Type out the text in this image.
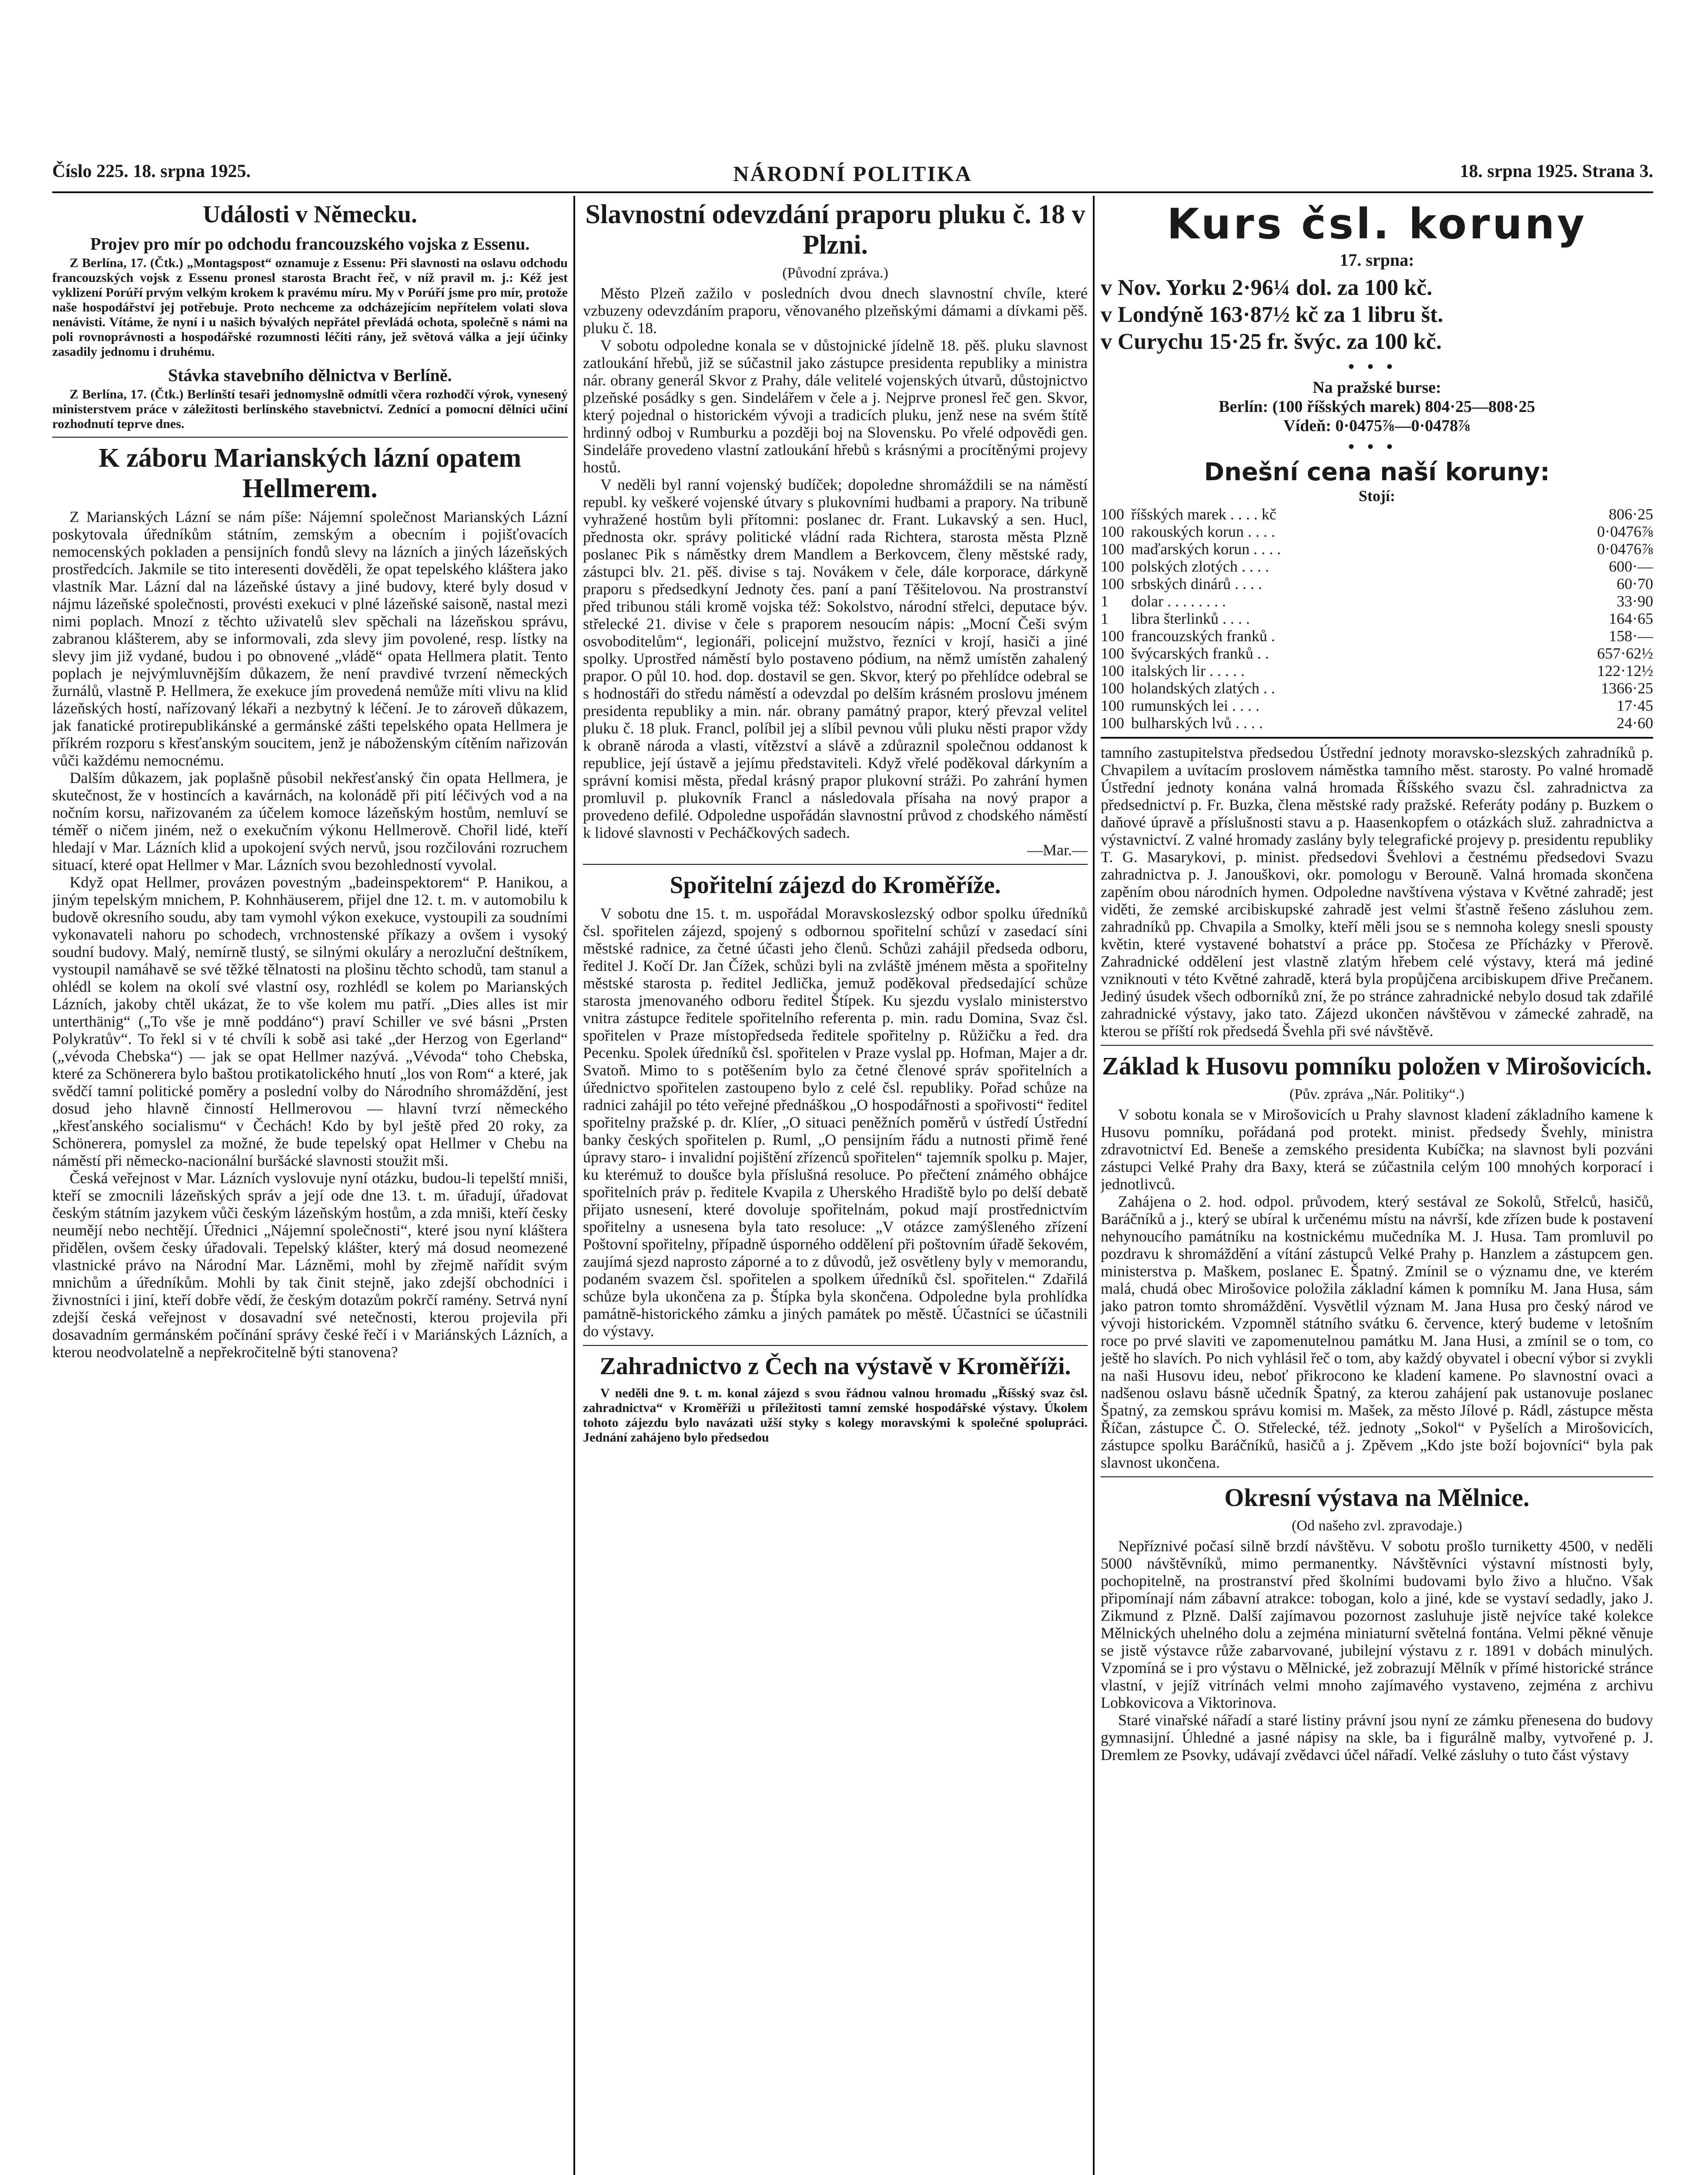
Číslo 225. 18. srpna 1925.	NÁRODNÍ POLITIKA	18. srpna 1925. Strana 3.
Události v Německu.
Projev pro mír po odchodu francouzského vojska z Essenu.

Z Berlína, 17. (Čtk.) „Montagspost“ oznamuje z Essenu: Při slavnosti na oslavu odchodu francouzských vojsk z Essenu pronesl starosta Bracht řeč, v níž pravil m. j.: Kéž jest vyklizení Porúří prvým velkým krokem k pravému míru. My v Porúří jsme pro mír, protože naše hospodářství jej potřebuje. Proto nechceme za odcházejícím nepřítelem volati slova nenávisti. Vítáme, že nyní i u našich bývalých nepřátel převládá ochota, společně s námi na poli rovnoprávnosti a hospodářské rozumnosti léčiti rány, jež světová válka a její účinky zasadily jednomu i druhému.

Stávka stavebního dělnictva v Berlíně.

Z Berlína, 17. (Čtk.) Berlínští tesaři jednomyslně odmítli včera rozhodčí výrok, vynesený ministerstvem práce v záležitosti berlínského stavebnictví. Zednící a pomocní dělníci učiní rozhodnutí teprve dnes.

K záboru Marianských lázní opatem Hellmerem.

Z Marianských Lázní se nám píše: Nájemní společnost Marianských Lázní poskytovala úředníkům státním, zemským a obecním i pojišťovacích nemocenských pokladen a pensijních fondů slevy na lázních a jiných lázeňských prostředcích. Jakmile se tito interesenti dověděli, že opat tepelského kláštera jako vlastník Mar. Lázní dal na lázeňské ústavy a jiné budovy, které byly dosud v nájmu lázeňské společnosti, provésti exekuci v plné lázeňské saisoně, nastal mezi nimi poplach. Mnozí z těchto uživatelů slev spěchali na lázeňskou správu, zabranou klášterem, aby se informovali, zda slevy jim povolené, resp. lístky na slevy jim již vydané, budou i po obnovené „vládě“ opata Hellmera platit. Tento poplach je nejvýmluvnějším důkazem, že není pravdivé tvrzení německých žurnálů, vlastně P. Hellmera, že exekuce jím provedená nemůže míti vlivu na klid lázeňských hostí, nařízovaný lékaři a nezbytný k léčení. Je to zároveň důkazem, jak fanatické protirepublikánské a germánské zášti tepelského opata Hellmera je příkrém rozporu s křesťanským soucitem, jenž je náboženským cítěním nařizován vůči každému nemocnému.

Dalším důkazem, jak poplašně působil nekřesťanský čin opata Hellmera, je skutečnost, že v hostincích a kavárnách, na kolonádě při pití léčivých vod a na nočním korsu, nařizovaném za účelem komoce lázeňským hostům, nemluví se téměř o ničem jiném, než o exekučním výkonu Hellmerově. Chořil lidé, kteří hledají v Mar. Lázních klid a upokojení svých nervů, jsou rozčilováni rozruchem situací, které opat Hellmer v Mar. Lázních svou bezohledností vyvolal.

Když opat Hellmer, provázen povestným „badeinspektorem“ P. Hanikou, a jiným tepelským mnichem, P. Kohnhäuserem, přijel dne 12. t. m. v automobilu k budově okresního soudu, aby tam vymohl výkon exekuce, vystoupili za soudními vykonavateli nahoru po schodech, vrchnostenské příkazy a ovšem i vysoký soudní budovy. Malý, nemírně tlustý, se silnými okuláry a nerozluční deštníkem, vystoupil namáhavě se své těžké tělnatosti na plošinu těchto schodů, tam stanul a ohlédl se kolem na okolí své vlastní osy, rozhlédl se kolem po Marianských Lázních, jakoby chtěl ukázat, že to vše kolem mu patří. „Dies alles ist mir unterthänig“ („To vše je mně poddáno“) praví Schiller ve své básni „Prsten Polykratův“. To řekl si v té chvíli k sobě asi také „der Herzog von Egerland“ („vévoda Chebska“) — jak se opat Hellmer nazývá. „Vévoda“ toho Chebska, které za Schönerera bylo baštou protikatolického hnutí „los von Rom“ a které, jak svědčí tamní politické poměry a poslední volby do Národního shromáždění, jest dosud jeho hlavně činností Hellmerovou — hlavní tvrzí německého „křesťanského socialismu“ v Čechách! Kdo by byl ještě před 20 roky, za Schönerera, pomyslel za možné, že bude tepelský opat Hellmer v Chebu na náměstí při německo-nacionální buršácké slavnosti stoužit mši.

Česká veřejnost v Mar. Lázních vyslovuje nyní otázku, budou-li tepelští mniši, kteří se zmocnili lázeňských správ a její ode dne 13. t. m. úřadují, úřadovat českým státním jazykem vůči českým lázeňským hostům, a zda mniši, kteří česky neumějí nebo nechtějí. Úřednici „Nájemní společnosti“, které jsou nyní kláštera přidělen, ovšem česky úřadovali. Tepelský klášter, který má dosud neomezené vlastnické právo na Národní Mar. Lázněmi, mohl by zřejmě nařídit svým mnichům a úředníkům. Mohli by tak činit stejně, jako zdejší obchodníci i živnostníci i jiní, kteří dobře vědí, že českým dotazům pokrčí ramény. Setrvá nyní zdejší česká veřejnost v dosavadní své netečnosti, kterou projevila při dosavadním germánském počínání správy české řečí i v Mariánských Lázních, a kterou neodvolatelně a nepřekročitelně býti stanovena?

Slavnostní odevzdání praporu pluku č. 18 v Plzni.
(Původní zpráva.)

Město Plzeň zažilo v posledních dvou dnech slavnostní chvíle, které vzbuzeny odevzdáním praporu, věnovaného plzeňskými dámami a dívkami pěš. pluku č. 18.

V sobotu odpoledne konala se v důstojnické jídelně 18. pěš. pluku slavnost zatloukání hřebů, již se súčastnil jako zástupce presidenta republiky a ministra nár. obrany generál Skvor z Prahy, dále velitelé vojenských útvarů, důstojnictvo plzeňské posádky s gen. Sindelářem v čele a j. Nejprve pronesl řeč gen. Skvor, který pojednal o historickém vývoji a tradicích pluku, jenž nese na svém štítě hrdinný odboj v Rumburku a později boj na Slovensku. Po vřelé odpovědi gen. Sindeláře provedeno vlastní zatloukání hřebů s krásnými a procítěnými projevy hostů.

V neděli byl ranní vojenský budíček; dopoledne shromáždili se na náměstí republ. ky veškeré vojenské útvary s plukovními hudbami a prapory. Na tribuně vyhražené hostům byli přítomni: poslanec dr. Frant. Lukavský a sen. Hucl, přednosta okr. správy politické vládní rada Richtera, starosta města Plzně poslanec Pik s náměstky drem Mandlem a Berkovcem, členy městské rady, zástupci blv. 21. pěš. divise s taj. Novákem v čele, dále korporace, dárkyně praporu s předsedkyní Jednoty čes. paní a paní Těšitelovou. Na prostranství před tribunou stáli kromě vojska též: Sokolstvo, národní střelci, deputace býv. střelecké 21. divise v čele s praporem nesoucím nápis: „Mocní Češi svým osvoboditelům“, legionáři, policejní mužstvo, řezníci v krojí, hasiči a jiné spolky. Uprostřed náměstí bylo postaveno pódium, na němž umístěn zahalený prapor. O půl 10. hod. dop. dostavil se gen. Skvor, který po přehlídce odebral se s hodnostáři do středu náměstí a odevzdal po delším krásném proslovu jménem presidenta republiky a min. nár. obrany památný prapor, který převzal velitel pluku č. 18 pluk. Francl, políbil jej a slíbil pevnou vůli pluku něsti prapor vždy k obraně národa a vlasti, vítězství a slávě a zdůraznil společnou oddanost k republice, její ústavě a jejímu představiteli. Když vřelé poděkoval dárkyním a správní komisi města, předal krásný prapor plukovní stráži. Po zahrání hymen promluvil p. plukovník Francl a následovala přísaha na nový prapor a provedeno defilé. Odpoledne uspořádán slavnostní průvod z chodského náměstí k lidové slavnosti v Pecháčkových sadech.

—Mar.—
Spořitelní zájezd do Kroměříže.

V sobotu dne 15. t. m. uspořádal Moravskoslezský odbor spolku úředníků čsl. spořitelen zájezd, spojený s odbornou spořitelní schůzí v zasedací síni městské radnice, za četné účasti jeho členů. Schůzi zahájil předseda odboru, ředitel J. Kočí Dr. Jan Čížek, schůzi byli na zvláště jménem města a spořitelny městské starosta p. ředitel Jedlička, jemuž poděkoval předsedající schůze starosta jmenovaného odboru ředitel Štípek. Ku sjezdu vyslalo ministerstvo vnitra zástupce ředitele spořitelního referenta p. min. radu Domina, Svaz čsl. spořitelen v Praze místopředseda ředitele spořitelny p. Růžičku a řed. dra Pecenku. Spolek úředníků čsl. spořitelen v Praze vyslal pp. Hofman, Majer a dr. Svatoň. Mimo to s potěšením bylo za četné členové správ spořitelních a úřednictvo spořitelen zastoupeno bylo z celé čsl. republiky. Pořad schůze na radnici zahájil po této veřejné přednáškou „O hospodářnosti a spořivosti“ ředitel spořitelny pražské p. dr. Klíer, „O situaci peněžních poměrů v ústředí Ústřední banky českých spořitelen p. Ruml, „O pensijním řádu a nutnosti přimě řené úpravy staro- i invalidní pojištění zřízenců spořitelen“ tajemník spolku p. Majer, ku kterémuž to doušce byla příslušná resoluce. Po přečtení známého obhájce spořitelních práv p. ředitele Kvapila z Uherského Hradiště bylo po delší debatě přijato usnesení, které dovoluje spořitelnám, pokud mají prostřednictvím spořitelny a usnesena byla tato resoluce: „V otázce zamýšleného zřízení Poštovní spořitelny, případně úsporného oddělení při poštovním úřadě šekovém, zaujímá sjezd naprosto záporné a to z důvodů, jež osvětleny byly v memorandu, podaném svazem čsl. spořitelen a spolkem úředníků čsl. spořitelen.“ Zdařilá schůze byla ukončena za p. Štípka byla skončena. Odpoledne byla prohlídka památně-historického zámku a jiných památek po městě. Účastníci se účastnili do výstavy.

Zahradnictvo z Čech na výstavě v Kroměříži.

V neděli dne 9. t. m. konal zájezd s svou řádnou valnou hromadu „Říšský svaz čsl. zahradnictva“ v Kroměříži u příležitosti tamní zemské hospodářské výstavy. Úkolem tohoto zájezdu bylo navázati užší styky s kolegy moravskými k společné spolupráci. Jednání zahájeno bylo předsedou

Kurs čsl. koruny
17. srpna:
v Nov. Yorku 2·96¼ dol. za 100 kč.
v Londýně 163·87½ kč za 1 libru št.
v Curychu 15·25 fr. švýc. za 100 kč.
•••
Na pražské burse:
Berlín: (100 říšských marek) 804·25—808·25
Vídeň: 0·0475⅞—0·0478⅞
•••
Dnešní cena naší koruny:
Stojí:
100	říšských marek . . . . kč	806·25
100	rakouských korun . . . .	0·0476⅞
100	maďarských korun . . . .	0·0476⅞
100	polských zlotých . . . .	600·—
100	srbských dinárů . . . .	60·70
1	dolar . . . . . . . .	33·90
1	libra šterlinků . . . .	164·65
100	francouzských franků .	158·—
100	švýcarských franků . .	657·62½
100	italských lir . . . . .	122·12½
100	holandských zlatých . .	1366·25
100	rumunských lei . . . .	17·45
100	bulharských lvů . . . .	24·60

tamního zastupitelstva předsedou Ústřední jednoty moravsko-slezských zahradníků p. Chvapilem a uvítacím proslovem náměstka tamního měst. starosty. Po valné hromadě Ústřední jednoty konána valná hromada Říšského svazu čsl. zahradnictva za předsednictví p. Fr. Buzka, člena městské rady pražské. Referáty podány p. Buzkem o daňové úpravě a příslušnosti stavu a p. Haasenkopfem o otázkách služ. zahradnictva a výstavnictví. Z valné hromady zaslány byly telegrafické projevy p. presidentu republiky T. G. Masarykovi, p. minist. předsedovi Švehlovi a čestnému předsedovi Svazu zahradnictva p. J. Janouškovi, okr. pomologu v Berouně. Valná hromada skončena zapěním obou národních hymen. Odpoledne navštívena výstava v Květné zahradě; jest viděti, že zemské arcibiskupské zahradě jest velmi šťastně řešeno zásluhou zem. zahradníků pp. Chvapila a Smolky, kteří měli jsou se s nemnoha kolegy snesli spousty květin, které vystavené bohatství a práce pp. Stočesa ze Přícházky v Přerově. Zahradnické oddělení jest vlastně zlatým hřebem celé výstavy, která má jediné vzniknouti v této Květné zahradě, která byla propůjčena arcibiskupem dřive Prečanem. Jediný úsudek všech odborníků zní, že po stránce zahradnické nebylo dosud tak zdařilé zahradnické výstavy, jako tato. Zájezd ukončen návštěvou v zámecké zahradě, na kterou se příští rok předsedá Švehla při své návštěvě.

Základ k Husovu pomníku položen v Mirošovicích.
(Pův. zpráva „Nár. Politiky“.)

V sobotu konala se v Mirošovicích u Prahy slavnost kladení základního kamene k Husovu pomníku, pořádaná pod protekt. minist. předsedy Švehly, ministra zdravotnictví Ed. Beneše a zemského presidenta Kubíčka; na slavnost byli pozváni zástupci Velké Prahy dra Baxy, která se zúčastnila celým 100 mnohých korporací i jednotlivců.

Zahájena o 2. hod. odpol. průvodem, který sestával ze Sokolů, Střelců, hasičů, Baráčníků a j., který se ubíral k určenému místu na návrší, kde zřízen bude k postavení nehynoucího památníku na kostnickému mučedníka M. J. Husa. Tam promluvil po pozdravu k shromáždění a vítání zástupců Velké Prahy p. Hanzlem a zástupcem gen. ministerstva p. Maškem, poslanec E. Špatný. Zmínil se o významu dne, ve kterém malá, chudá obec Mirošovice položila základní kámen k pomníku M. Jana Husa, sám jako patron tomto shromáždění. Vysvětlil význam M. Jana Husa pro český národ ve vývoji historickém. Vzpomněl státního svátku 6. července, který budeme v letošním roce po prvé slaviti ve zapomenutelnou památku M. Jana Husi, a zmínil se o tom, co ještě ho slavích. Po nich vyhlásil řeč o tom, aby každý obyvatel i obecní výbor si zvykli na naši Husovu ideu, neboť přikrocono ke kladení kamene. Po slavnostní ovaci a nadšenou oslavu básně učedník Špatný, za kterou zahájení pak ustanovuje poslanec Špatný, za zemskou správu komisi m. Mašek, za město Jílové p. Rádl, zástupce města Říčan, zástupce Č. O. Střelecké, též. jednoty „Sokol“ v Pyšelích a Mirošovicích, zástupce spolku Baráčníků, hasičů a j. Zpěvem „Kdo jste boží bojovníci“ byla pak slavnost ukončena.

Okresní výstava na Mělnice.
(Od našeho zvl. zpravodaje.)

Nepříznivé počasí silně brzdí návštěvu. V sobotu prošlo turniketty 4500, v neděli 5000 návštěvníků, mimo permanentky. Návštěvníci výstavní místnosti byly, pochopitelně, na prostranství před školními budovami bylo živo a hlučno. Však připomínají nám zábavní atrakce: tobogan, kolo a jiné, kde se vystaví sedadly, jako J. Zikmund z Plzně. Další zajímavou pozornost zasluhuje jistě nejvíce také kolekce Mělnických uhelného dolu a zejména miniaturní světelná fontána. Velmi pěkné věnuje se jistě výstavce růže zabarvované, jubilejní výstavu z r. 1891 v dobách minulých. Vzpomíná se i pro výstavu o Mělnické, jež zobrazují Mělník v přímé historické stránce vlastní, v jejíž vitrínách velmi mnoho zajímavého vystaveno, zejména z archivu Lobkovicova a Viktorinova.

Staré vinařské nářadí a staré listiny právní jsou nyní ze zámku přenesena do budovy gymnasijní. Úhledné a jasné nápisy na skle, ba i figurálně malby, vytvořené p. J. Dremlem ze Psovky, udávají zvědavci účel nářadí. Velké zásluhy o tuto část výstavy
